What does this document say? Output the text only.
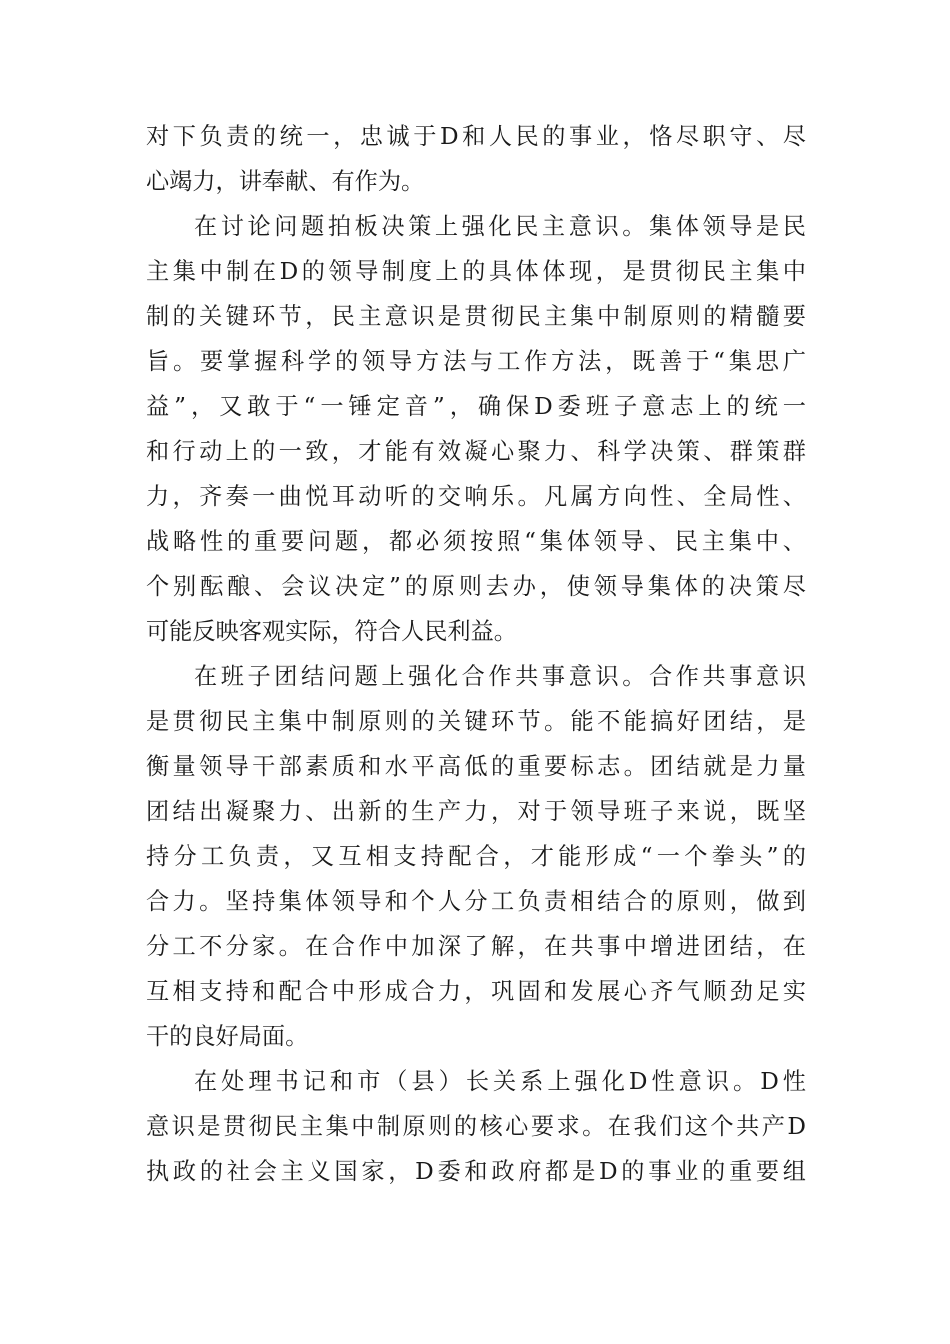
对下负责的统一，忠诚于D和人民的事业，恪尽职守、尽
心竭力，讲奉献、有作为。
在讨论问题拍板决策上强化民主意识。集体领导是民
主集中制在D的领导制度上的具体体现，是贯彻民主集中
制的关键环节，民主意识是贯彻民主集中制原则的精髓要
旨。要掌握科学的领导方法与工作方法，既善于“集思广
益”，又敢于“一锤定音”，确保D委班子意志上的统一
和行动上的一致，才能有效凝心聚力、科学决策、群策群
力，齐奏一曲悦耳动听的交响乐。凡属方向性、全局性、
战略性的重要问题，都必须按照“集体领导、民主集中、
个别酝酿、会议决定”的原则去办，使领导集体的决策尽
可能反映客观实际，符合人民利益。
在班子团结问题上强化合作共事意识。合作共事意识
是贯彻民主集中制原则的关键环节。能不能搞好团结，是
衡量领导干部素质和水平高低的重要标志。团结就是力量
团结出凝聚力、出新的生产力，对于领导班子来说，既坚
持分工负责，又互相支持配合，才能形成“一个拳头”的
合力。坚持集体领导和个人分工负责相结合的原则，做到
分工不分家。在合作中加深了解，在共事中增进团结，在
互相支持和配合中形成合力，巩固和发展心齐气顺劲足实
干的良好局面。
在处理书记和市（县）长关系上强化D性意识。D性
意识是贯彻民主集中制原则的核心要求。在我们这个共产D
执政的社会主义国家，D委和政府都是D的事业的重要组
